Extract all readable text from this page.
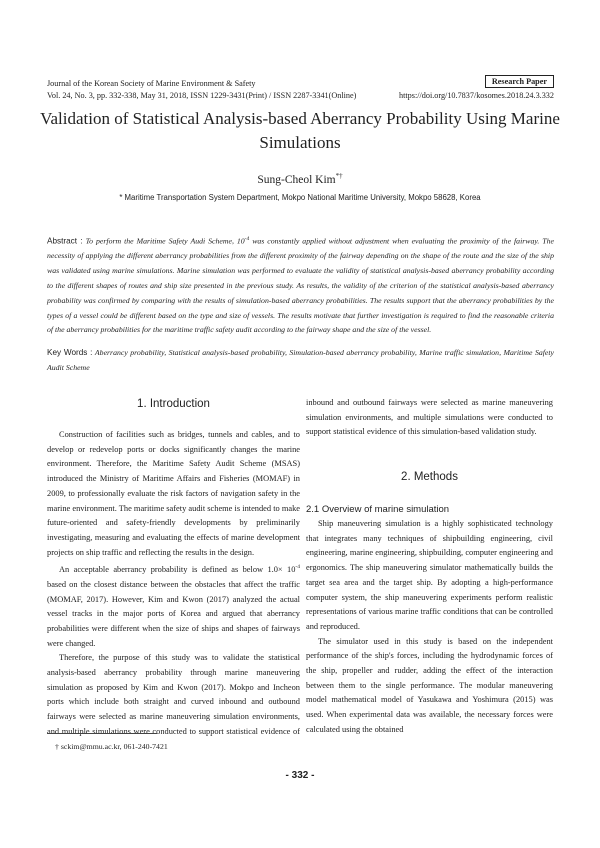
Journal of the Korean Society of Marine Environment & Safety	Research Paper
Vol. 24, No. 3, pp. 332-338, May 31, 2018, ISSN 1229-3431(Print) / ISSN 2287-3341(Online)	https://doi.org/10.7837/kosomes.2018.24.3.332
Validation of Statistical Analysis-based Aberrancy Probability Using Marine Simulations
Sung-Cheol Kim*†
* Maritime Transportation System Department, Mokpo National Maritime University, Mokpo 58628, Korea
Abstract : To perform the Maritime Safety Audi Scheme, $10^{-4}$ was constantly applied without adjustment when evaluating the proximity of the fairway. The necessity of applying the different aberrancy probabilities from the different proximity of the fairway depending on the shape of the route and the size of the ship was validated using marine simulations. Marine simulation was performed to evaluate the validity of statistical analysis-based aberrancy probability according to the different shapes of routes and ship size presented in the previous study. As results, the validity of the criterion of the statistical analysis-based aberrancy probability was confirmed by comparing with the results of simulation-based aberrancy probabilities. The results support that the aberrancy probabilities by the types of a vessel could be different based on the type and size of vessels. The results motivate that further investigation is required to find the reasonable criteria of the aberrancy probabilities for the maritime traffic safety audit according to the fairway shape and the size of the vessel.
Key Words : Aberrancy probability, Statistical analysis-based probability, Simulation-based aberrancy probability, Marine traffic simulation, Maritime Safety Audit Scheme
1. Introduction

Construction of facilities such as bridges, tunnels and cables, and to develop or redevelop ports or docks significantly changes the marine environment. Therefore, the Maritime Safety Audit Scheme (MSAS) introduced the Ministry of Maritime Affairs and Fisheries (MOMAF) in 2009, to professionally evaluate the risk factors of navigation safety in the marine environment. The maritime safety audit scheme is intended to make future-oriented and safety-friendly developments by preliminarily investigating, measuring and evaluating the effects of marine development projects on ship traffic and reflecting the results in the design.

An acceptable aberrancy probability is defined as below $1.0\times 10^{-4}$ based on the closest distance between the obstacles that affect the traffic (MOMAF, 2017). However, Kim and Kwon (2017) analyzed the actual vessel tracks in the major ports of Korea and argued that aberrancy probabilities were different when the size of ships and shapes of fairways were changed.

Therefore, the purpose of this study was to validate the statistical analysis-based aberrancy probability through marine maneuvering simulation as proposed by Kim and Kwon (2017). Mokpo and Incheon ports which include both straight and curved inbound and outbound fairways were selected as marine maneuvering simulation environments, and multiple simulations were conducted to support statistical evidence of

inbound and outbound fairways were selected as marine maneuvering simulation environments, and multiple simulations were conducted to support statistical evidence of this simulation-based validation study.

2. Methods
2.1 Overview of marine simulation

Ship maneuvering simulation is a highly sophisticated technology that integrates many techniques of shipbuilding engineering, civil engineering, marine engineering, shipbuilding, computer engineering and ergonomics. The ship maneuvering simulator mathematically builds the target sea area and the target ship. By adopting a high-performance computer system, the ship maneuvering experiments perform realistic representations of various marine traffic conditions that can be controlled and reproduced.

The simulator used in this study is based on the independent performance of the ship's forces, including the hydrodynamic forces of the ship, propeller and rudder, adding the effect of the interaction between them to the single performance. The modular maneuvering model mathematical model of Yasukawa and Yoshimura (2015) was used. When experimental data was available, the necessary forces were calculated using the obtained

† sckim@mmu.ac.kr, 061-240-7421
- 332 -
